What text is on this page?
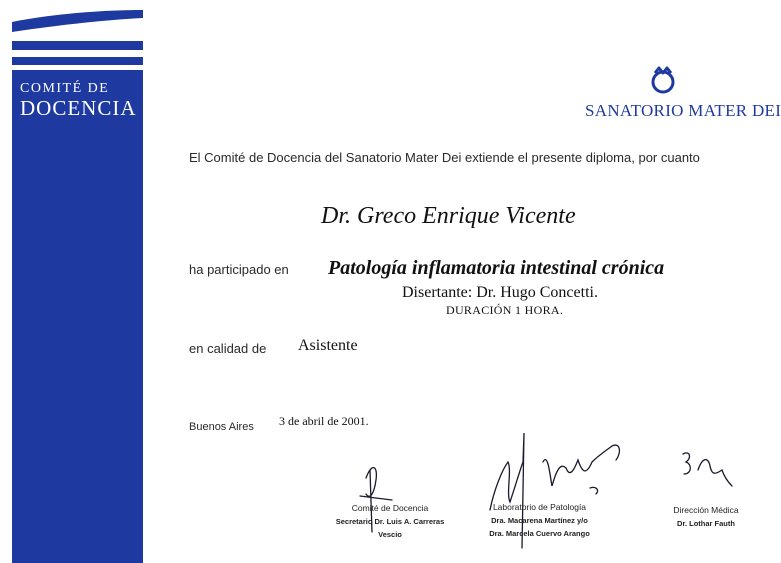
COMITÉ DE
DOCENCIA	SANATORIO MATER DEI
El Comité de Docencia del Sanatorio Mater Dei extiende el presente diploma, por cuanto
Dr. Greco Enrique Vicente
ha participado en Patología inflamatoria intestinal crónica
Disertante: Dr. Hugo Concetti.
DURACIÓN 1 HORA.
en calidad de Asistente
Buenos Aires 3 de abril de 2001.
Comité de Docencia
Secretario Dr. Luis A. Carreras Vescio
Laboratorio de Patología
Dra. Macarena Martínez y/o
Dra. Marcela Cuervo Arango
Dirección Médica
Dr. Lothar Fauth
